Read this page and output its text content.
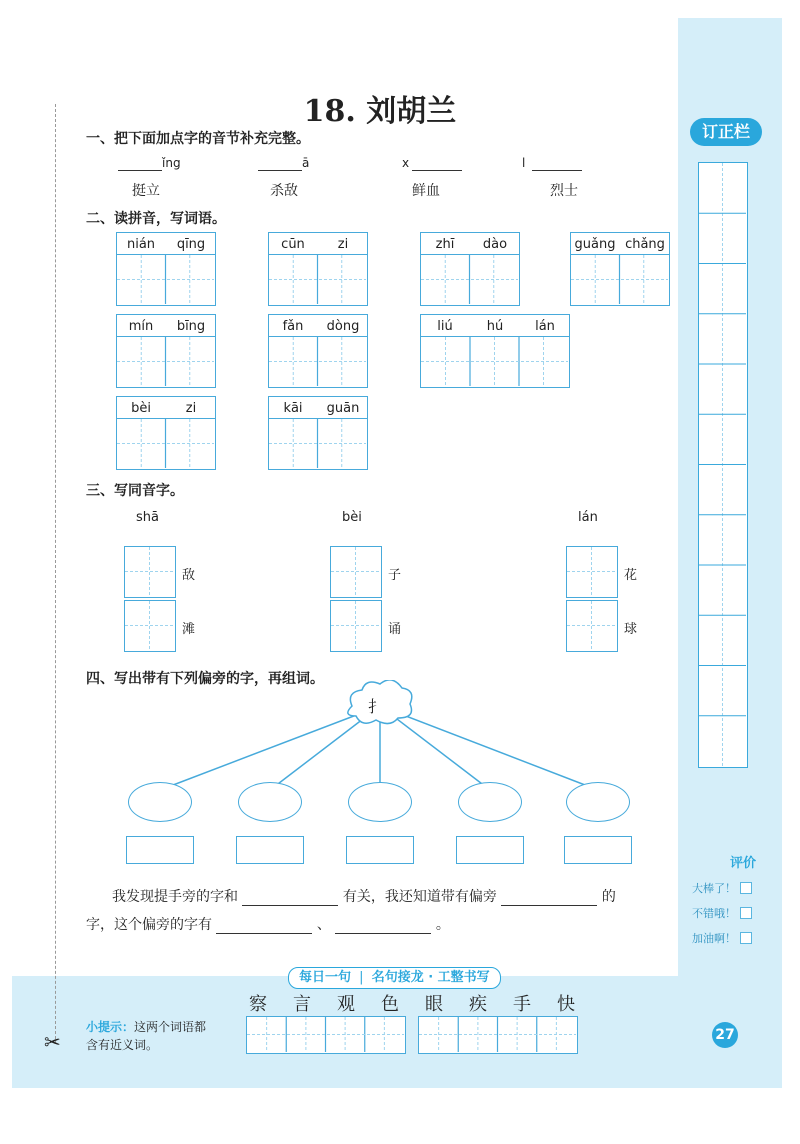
订正栏
✂
18. 刘胡兰
一、把下面加点字的音节补充完整。
二、读拼音，写词语。
三、写同音字。
四、写出带有下列偏旁的字，再组词。
扌
我发现提手旁的字和	有关，我还知道带有偏旁	的
字，这个偏旁的字有	、	。
每日一句 | 名句接龙 · 工整书写
小提示：这两个词语都
含有近义词。
评价
大棒了！
不错哦！
加油啊！
27
ǐng
挺立
ā
杀敌
x
鲜血
l
烈士
nián	qīng	cūn	zi	zhī	dào	guǎng chǎng
mín	bīng	fǎn	dòng	liú	hú	lán
bèi	zi	kāi	guān
shā
敌
滩
bèi
子
诵
lán
花
球
察	言	观	色	眼	疾	手	快
